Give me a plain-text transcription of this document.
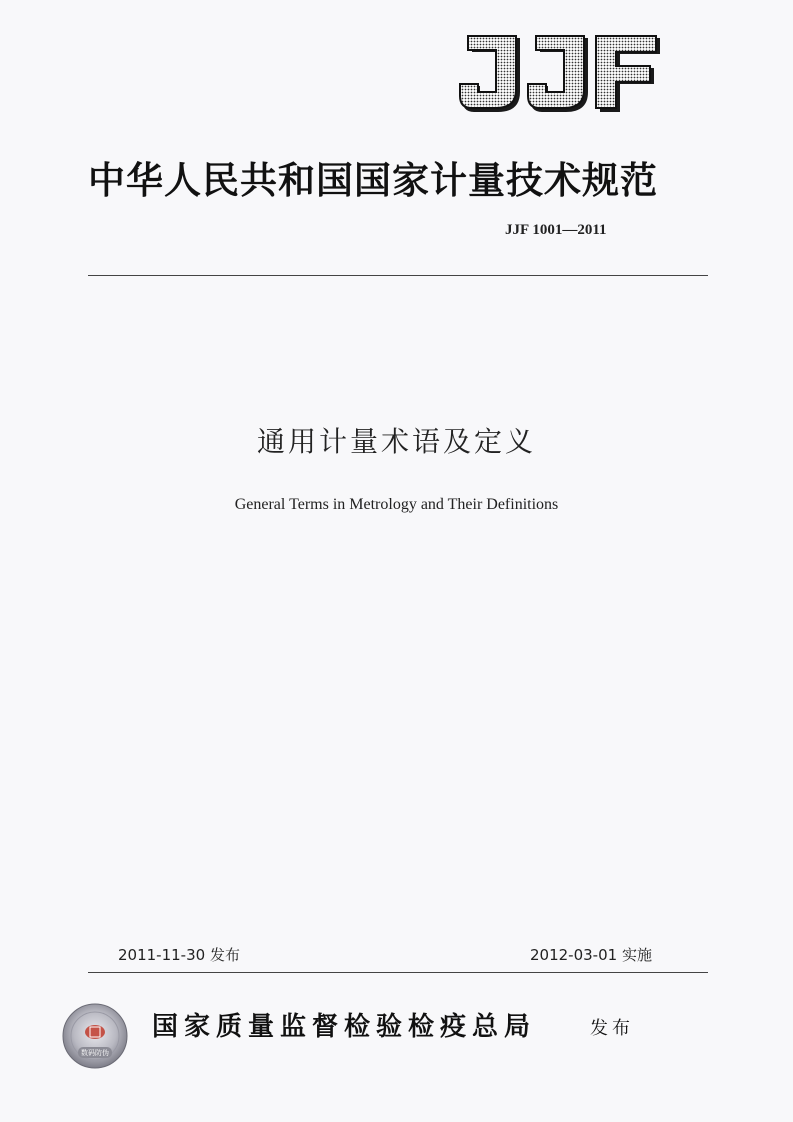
中华人民共和国国家计量技术规范
JJF 1001—2011
通用计量术语及定义
General Terms in Metrology and Their Definitions
2011-11-30 发布	2012-03-01 实施
数码防伪
国家质量监督检验检疫总局	发布
